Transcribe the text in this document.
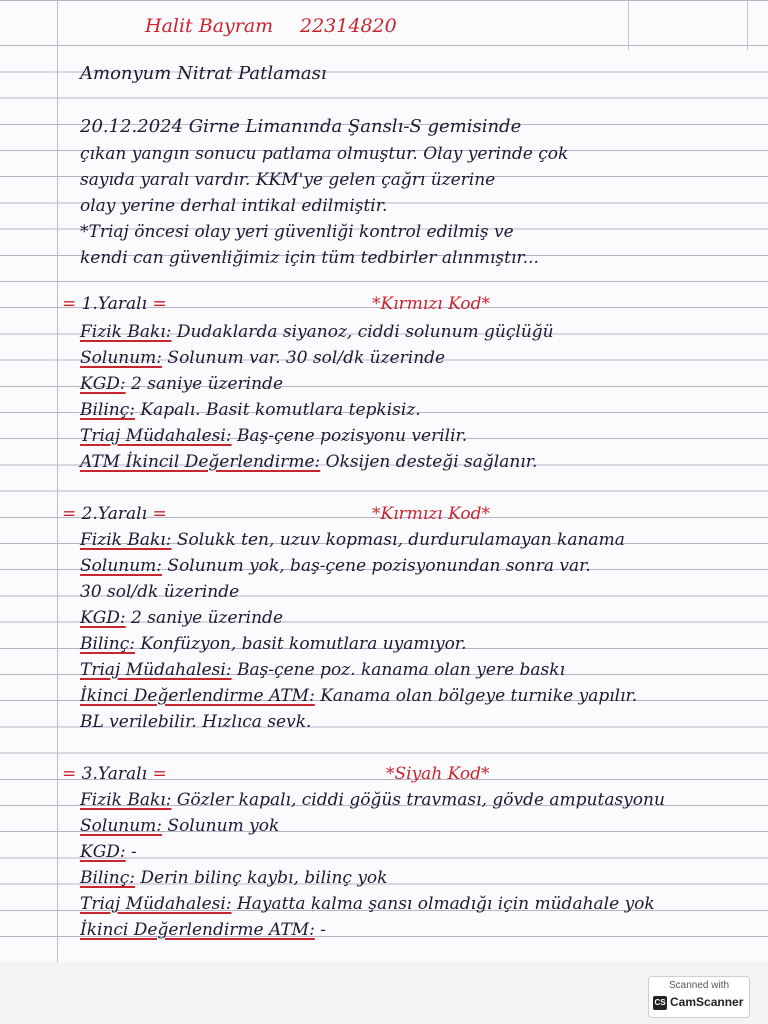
Halit Bayram 22314820
Amonyum Nitrat Patlaması
20.12.2024 Girne Limanında Şanslı-S gemisinde
çıkan yangın sonucu patlama olmuştur. Olay yerinde çok
sayıda yaralı vardır. KKM'ye gelen çağrı üzerine
olay yerine derhal intikal edilmiştir.
*Triaj öncesi olay yeri güvenliği kontrol edilmiş ve
kendi can güvenliğimiz için tüm tedbirler alınmıştır...
= 1.Yaralı =	*Kırmızı Kod*
Fizik Bakı: Dudaklarda siyanoz, ciddi solunum güçlüğü
Solunum: Solunum var. 30 sol/dk üzerinde
KGD: 2 saniye üzerinde
Bilinç: Kapalı. Basit komutlara tepkisiz.
Triaj Müdahalesi: Baş-çene pozisyonu verilir.
ATM İkincil Değerlendirme: Oksijen desteği sağlanır.
= 2.Yaralı =	*Kırmızı Kod*
Fizik Bakı: Solukk ten, uzuv kopması, durdurulamayan kanama
Solunum: Solunum yok, baş-çene pozisyonundan sonra var.
30 sol/dk üzerinde
KGD: 2 saniye üzerinde
Bilinç: Konfüzyon, basit komutlara uyamıyor.
Triaj Müdahalesi: Baş-çene poz. kanama olan yere baskı
İkinci Değerlendirme ATM: Kanama olan bölgeye turnike yapılır.
BL verilebilir. Hızlıca sevk.
= 3.Yaralı =	*Siyah Kod*
Fizik Bakı: Gözler kapalı, ciddi göğüs travması, gövde amputasyonu
Solunum: Solunum yok
KGD: -
Bilinç: Derin bilinç kaybı, bilinç yok
Triaj Müdahalesi: Hayatta kalma şansı olmadığı için müdahale yok
İkinci Değerlendirme ATM: -
Scanned with
CS CamScanner
